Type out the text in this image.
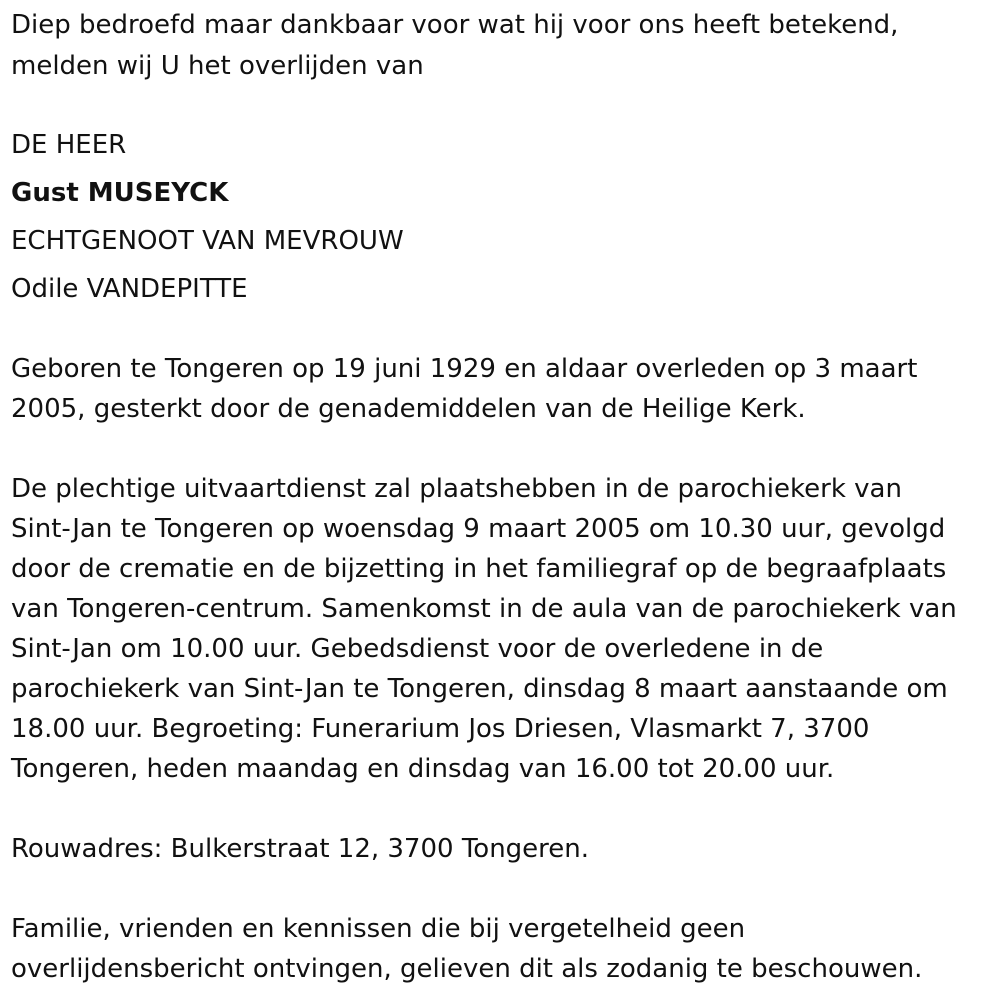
Diep bedroefd maar dankbaar voor wat hij voor ons heeft betekend,
melden wij U het overlijden van
DE HEER
Gust MUSEYCK
ECHTGENOOT VAN MEVROUW
Odile VANDEPITTE
Geboren te Tongeren op 19 juni 1929 en aldaar overleden op 3 maart
2005, gesterkt door de genademiddelen van de Heilige Kerk.
De plechtige uitvaartdienst zal plaatshebben in de parochiekerk van
Sint-Jan te Tongeren op woensdag 9 maart 2005 om 10.30 uur, gevolgd
door de crematie en de bijzetting in het familiegraf op de begraafplaats
van Tongeren-centrum. Samenkomst in de aula van de parochiekerk van
Sint-Jan om 10.00 uur. Gebedsdienst voor de overledene in de
parochiekerk van Sint-Jan te Tongeren, dinsdag 8 maart aanstaande om
18.00 uur. Begroeting: Funerarium Jos Driesen, Vlasmarkt 7, 3700
Tongeren, heden maandag en dinsdag van 16.00 tot 20.00 uur.
Rouwadres: Bulkerstraat 12, 3700 Tongeren.
Familie, vrienden en kennissen die bij vergetelheid geen
overlijdensbericht ontvingen, gelieven dit als zodanig te beschouwen.
